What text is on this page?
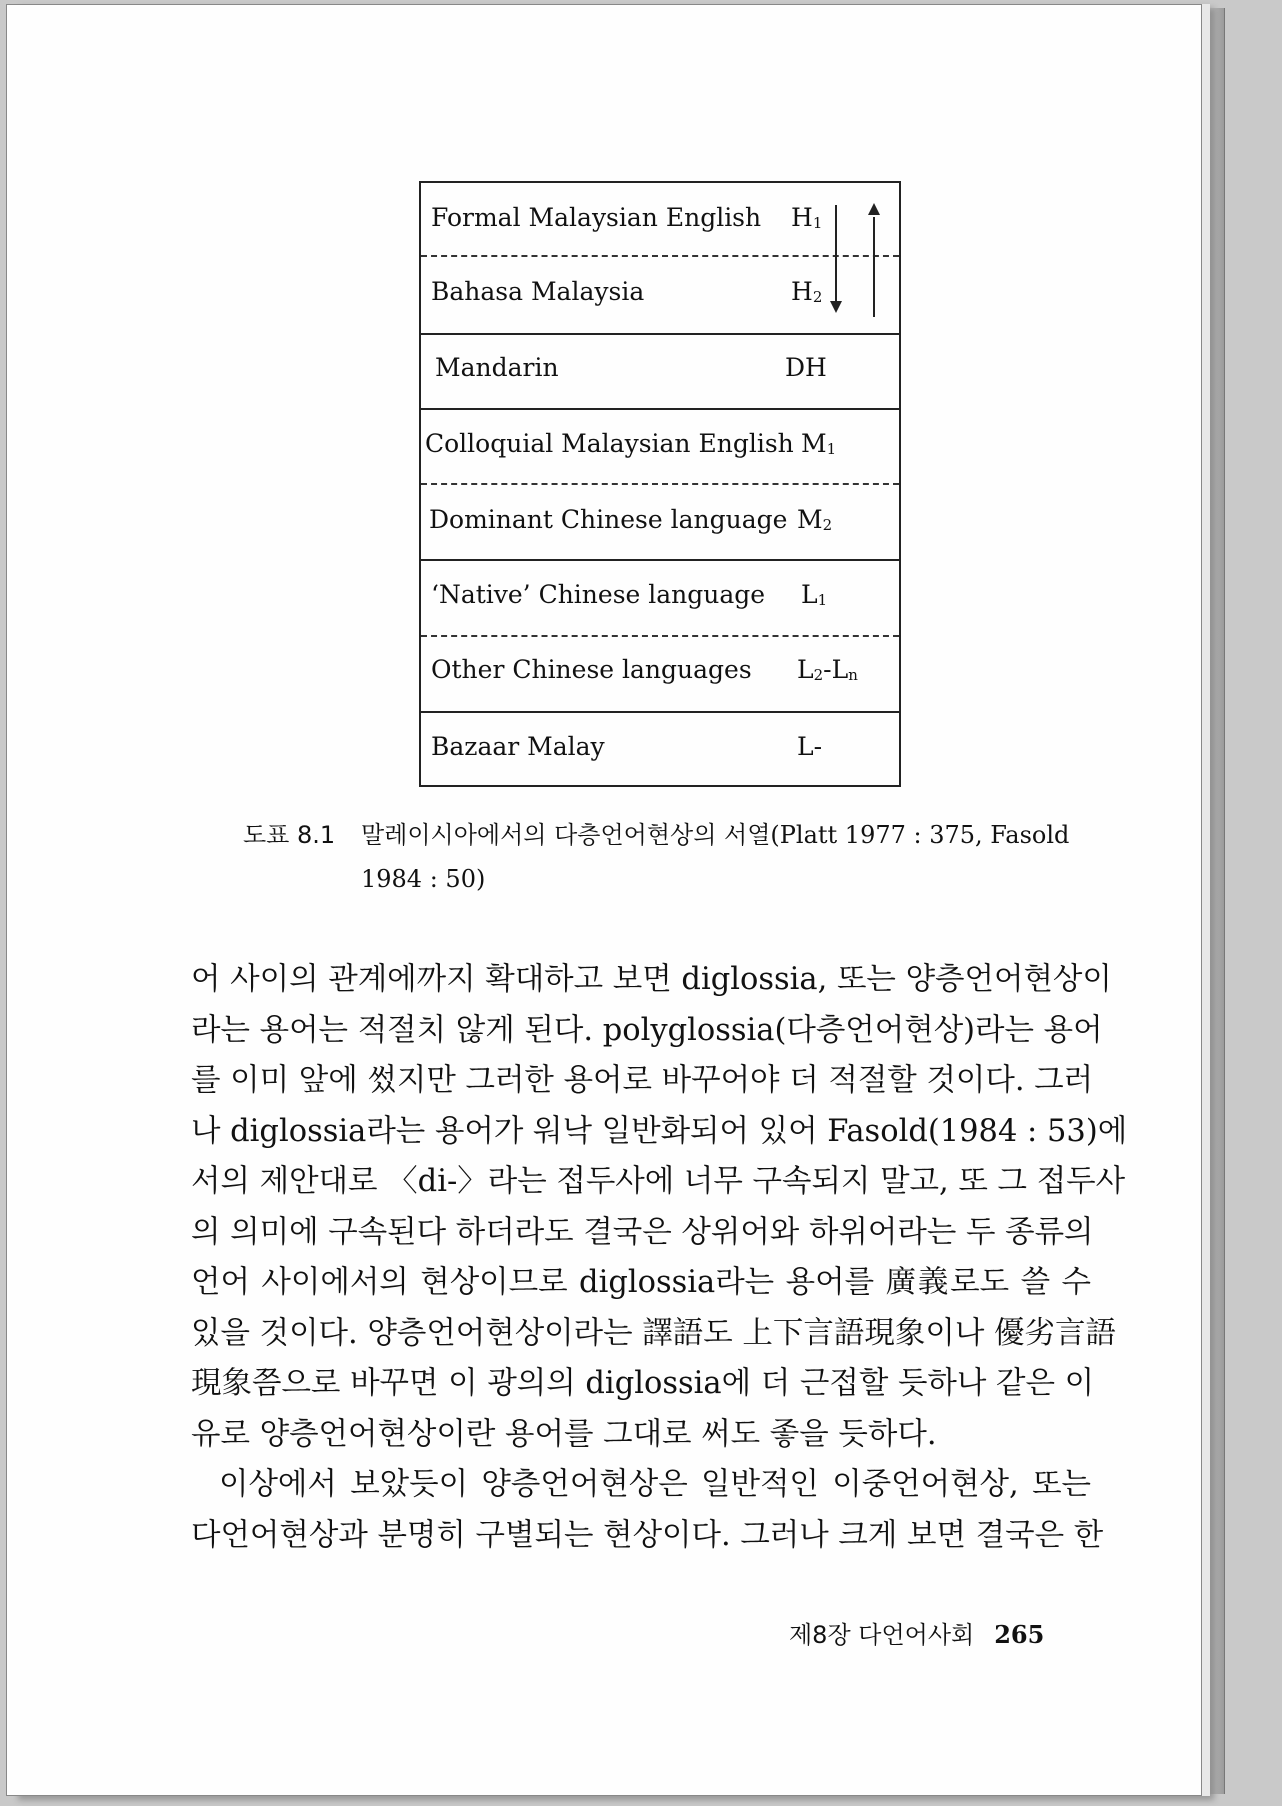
Formal Malaysian English $H_1$
Bahasa Malaysia	$H_2$
Mandarin	DH
Colloquial Malaysian English $M_1$
Dominant Chinese language $M_2$
‘Native’ Chinese language $L_1$
Other Chinese languages $L_2-L_n$
Bazaar Malay	L-
도표 8.1 말레이시아에서의 다층언어현상의 서열(Platt 1977 : 375, Fasold
1984 : 50)
어 사이의 관계에까지 확대하고 보면 diglossia, 또는 양층언어현상이
라는 용어는 적절치 않게 된다. polyglossia(다층언어현상)라는 용어
를 이미 앞에 썼지만 그러한 용어로 바꾸어야 더 적절할 것이다. 그러
나 diglossia라는 용어가 워낙 일반화되어 있어 Fasold(1984 : 53)에
서의 제안대로 〈di-〉라는 접두사에 너무 구속되지 말고, 또 그 접두사
의 의미에 구속된다 하더라도 결국은 상위어와 하위어라는 두 종류의
언어 사이에서의 현상이므로 diglossia라는 용어를 廣義로도 쓸 수
있을 것이다. 양층언어현상이라는 譯語도 上下言語現象이나 優劣言語
現象쯤으로 바꾸면 이 광의의 diglossia에 더 근접할 듯하나 같은 이
유로 양층언어현상이란 용어를 그대로 써도 좋을 듯하다.
이상에서 보았듯이 양층언어현상은 일반적인 이중언어현상, 또는
다언어현상과 분명히 구별되는 현상이다. 그러나 크게 보면 결국은 한
제8장 다언어사회 265
